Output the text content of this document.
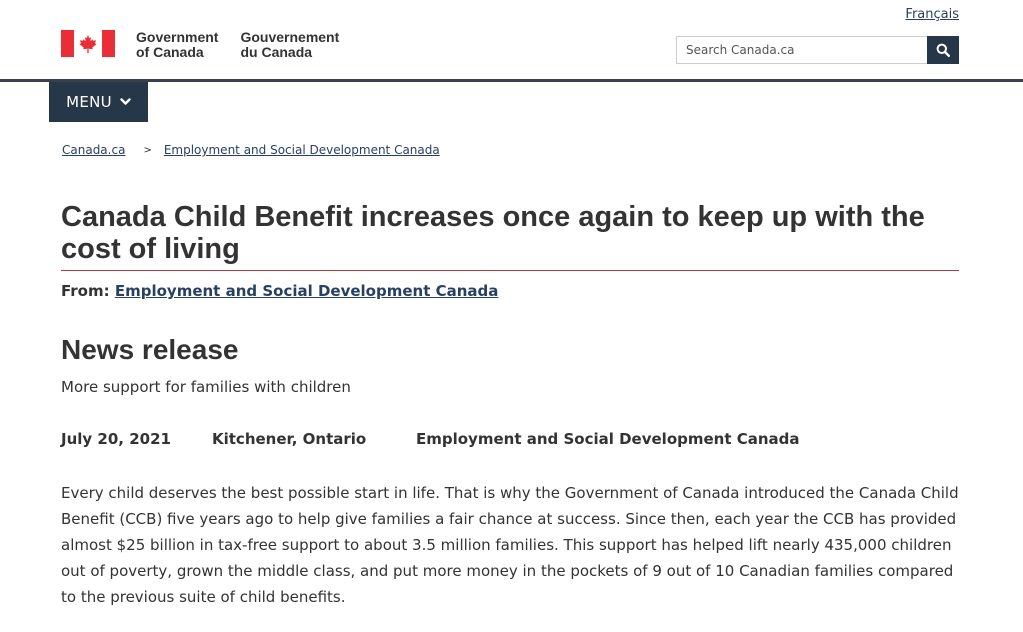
Français
Government
of Canada
Gouvernement
du Canada
Search Canada.ca
MENU
Canada.ca > Employment and Social Development Canada
Canada Child Benefit increases once again to keep up with the cost of living
From: Employment and Social Development Canada
News release
More support for families with children
July 20, 2021	Kitchener, Ontario	Employment and Social Development Canada

Every child deserves the best possible start in life. That is why the Government of Canada introduced the Canada Child Benefit (CCB) five years ago to help give families a fair chance at success. Since then, each year the CCB has provided almost $25 billion in tax-free support to about 3.5 million families. This support has helped lift nearly 435,000 children out of poverty, grown the middle class, and put more money in the pockets of 9 out of 10 Canadian families compared to the previous suite of child benefits.
